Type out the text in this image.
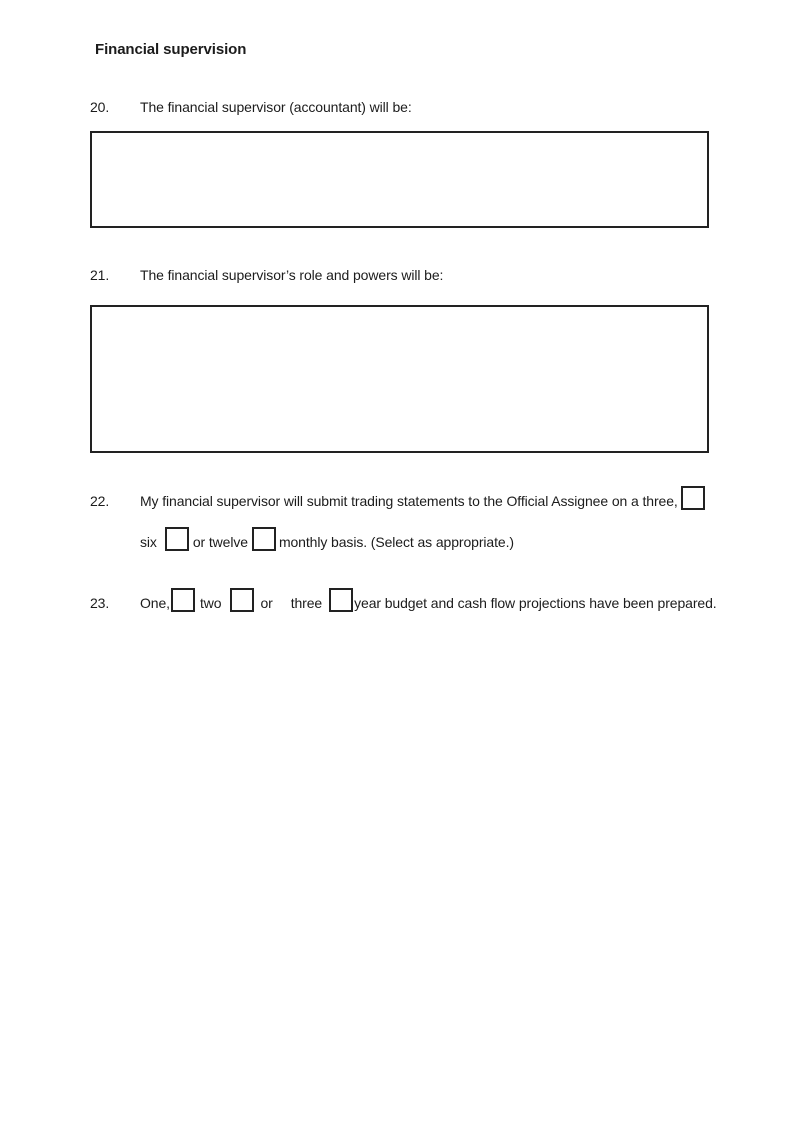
Financial supervision
20.	The financial supervisor (accountant) will be:
21.	The financial supervisor’s role and powers will be:
22.	My financial supervisor will submit trading statements to the Official Assignee on a three,
six	or twelve monthly basis. (Select as appropriate.)
23.	One, two	or three year budget and cash flow projections have been prepared.
